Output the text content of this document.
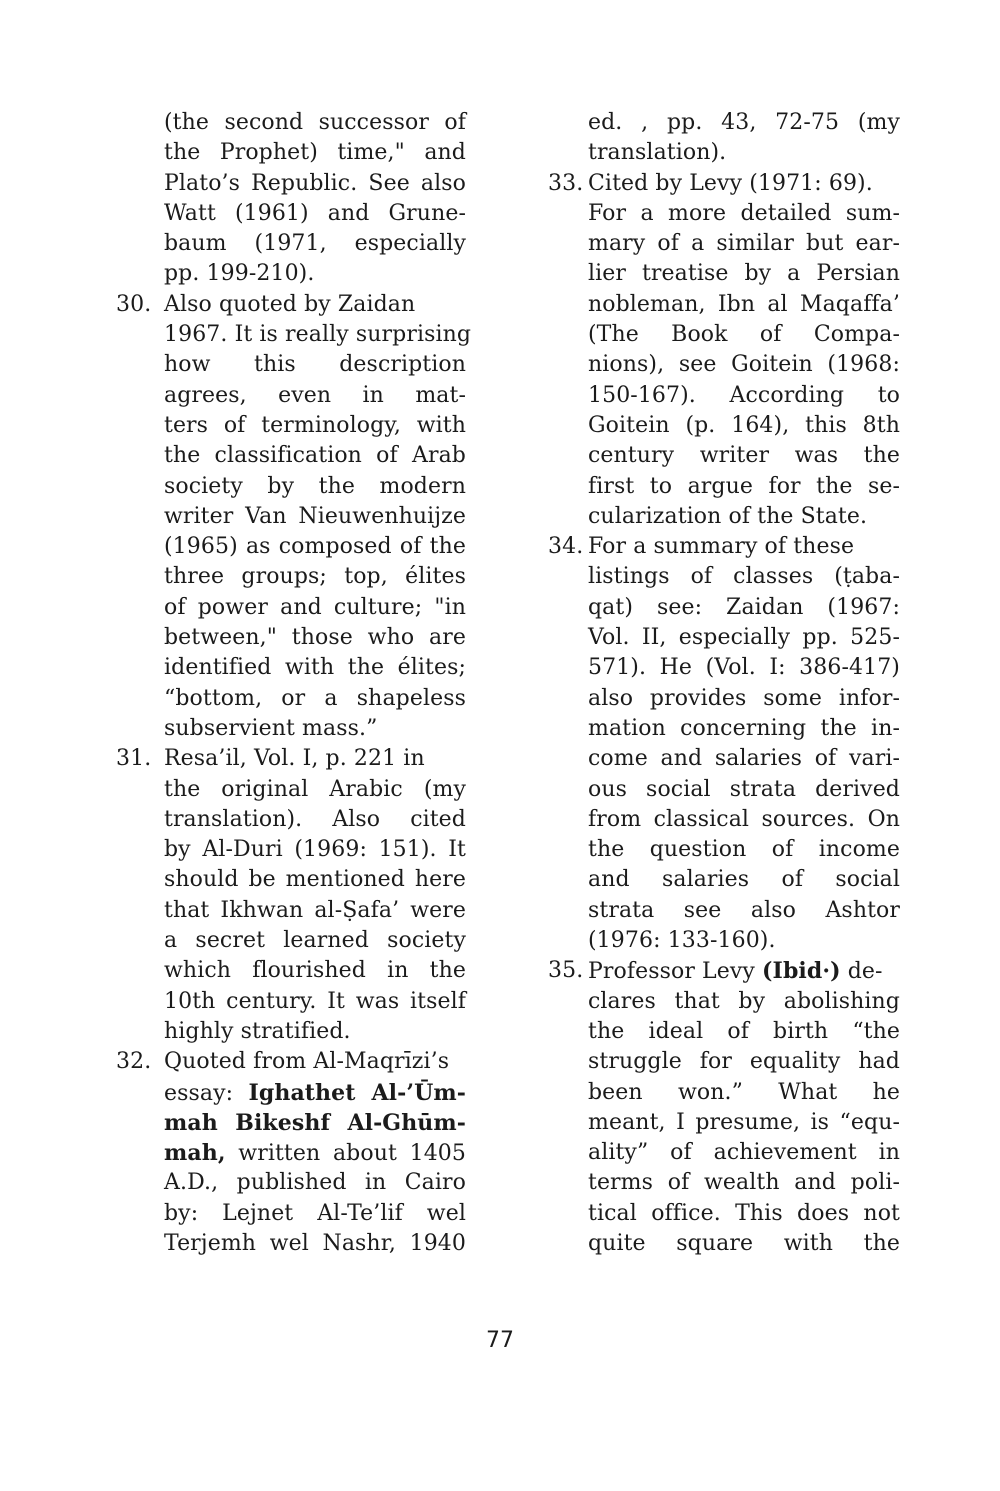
(the second successor of
the Prophet) time," and
Plato’s Republic. See also
Watt (1961) and Grune-
baum (1971, especially
pp. 199-210).
30. Also quoted by Zaidan
1967. It is really surprising
how this description
agrees, even in mat-
ters of terminology, with
the classification of Arab
society by the modern
writer Van Nieuwenhuijze
(1965) as composed of the
three groups; top, élites
of power and culture; "in
between," those who are
identified with the élites;
“bottom, or a shapeless
subservient mass.”
31. Resa’il, Vol. I, p. 221 in
the original Arabic (my
translation). Also cited
by Al-Duri (1969: 151). It
should be mentioned here
that Ikhwan al-Ṣafa’ were
a secret learned society
which flourished in the
10th century. It was itself
highly stratified.
32. Quoted from Al-Maqrīzi’s
essay: Ighathet Al-’Ūm-
mah Bikeshf Al-Ghūm-
mah, written about 1405
A.D., published in Cairo
by: Lejnet Al-Te’lif wel
Terjemh wel Nashr, 1940
ed. , pp. 43, 72-75 (my
translation).
33. Cited by Levy (1971: 69).
For a more detailed sum-
mary of a similar but ear-
lier treatise by a Persian
nobleman, Ibn al Maqaffa’
(The Book of Compa-
nions), see Goitein (1968:
150-167). According to
Goitein (p. 164), this 8th
century writer was the
first to argue for the se-
cularization of the State.
34. For a summary of these
listings of classes (ṭaba-
qat) see: Zaidan (1967:
Vol. II, especially pp. 525-
571). He (Vol. I: 386-417)
also provides some infor-
mation concerning the in-
come and salaries of vari-
ous social strata derived
from classical sources. On
the question of income
and salaries of social
strata see also Ashtor
(1976: 133-160).
35. Professor Levy (Ibid·) de-
clares that by abolishing
the ideal of birth “the
struggle for equality had
been won.” What he
meant, I presume, is “equ-
ality” of achievement in
terms of wealth and poli-
tical office. This does not
quite square with the
77
